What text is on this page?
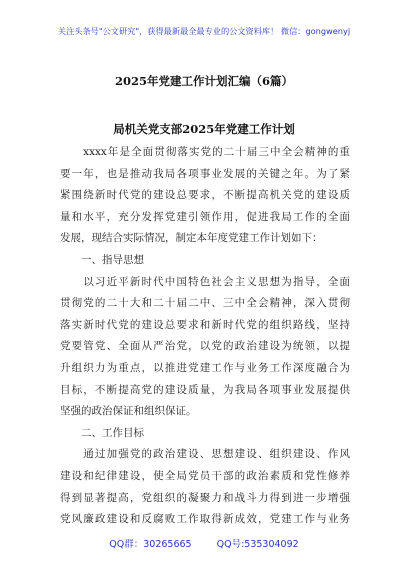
关注头条号"公文研究"，获得最新最全最专业的公文资料库！ 微信：gongwenyj
2025年党建工作计划汇编（6篇）
局机关党支部2025年党建工作计划
　　xxxx年是全面贯彻落实党的二十届三中全会精神的重
要一年，也是推动我局各项事业发展的关键之年。为了紧
紧围绕新时代党的建设总要求，不断提高机关党的建设质
量和水平，充分发挥党建引领作用，促进我局工作的全面
发展，现结合实际情况，制定本年度党建工作计划如下：
　　一、指导思想
　　以习近平新时代中国特色社会主义思想为指导，全面
贯彻党的二十大和二十届二中、三中全会精神，深入贯彻
落实新时代党的建设总要求和新时代党的组织路线，坚持
党要管党、全面从严治党，以党的政治建设为统领，以提
升组织力为重点，以推进党建工作与业务工作深度融合为
目标，不断提高党的建设质量，为我局各项事业发展提供
坚强的政治保证和组织保证。
　　二、工作目标
　　通过加强党的政治建设、思想建设、组织建设、作风
建设和纪律建设，使全局党员干部的政治素质和党性修养
得到显著提高，党组织的凝聚力和战斗力得到进一步增强
党风廉政建设和反腐败工作取得新成效，党建工作与业务
QQ群：30265665	QQ号:535304092
